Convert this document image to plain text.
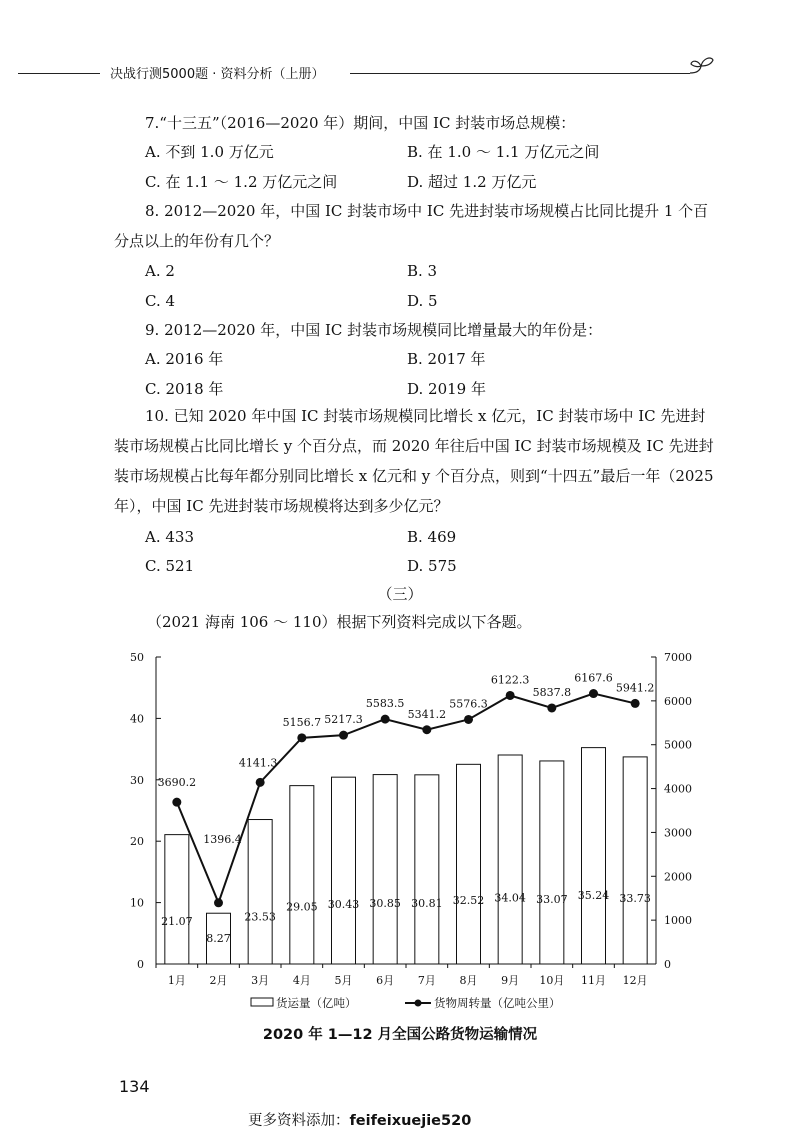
决战行测5000题 · 资料分析（上册）
7.“十三五”（2016—2020 年）期间，中国 IC 封装市场总规模：
A. 不到 1.0 万亿元	B. 在 1.0 ～ 1.1 万亿元之间
C. 在 1.1 ～ 1.2 万亿元之间	D. 超过 1.2 万亿元
8. 2012—2020 年，中国 IC 封装市场中 IC 先进封装市场规模占比同比提升 1 个百分点以上的年份有几个？
A. 2	B. 3
C. 4	D. 5
9. 2012—2020 年，中国 IC 封装市场规模同比增量最大的年份是：
A. 2016 年	B. 2017 年
C. 2018 年	D. 2019 年
10. 已知 2020 年中国 IC 封装市场规模同比增长 x 亿元，IC 封装市场中 IC 先进封装市场规模占比同比增长 y 个百分点，而 2020 年往后中国 IC 封装市场规模及 IC 先进封装市场规模占比每年都分别同比增长 x 亿元和 y 个百分点，则到“十四五”最后一年（2025 年），中国 IC 先进封装市场规模将达到多少亿元？
A. 433	B. 469
C. 521	D. 575
（三）
（2021 海南 106 ～ 110）根据下列资料完成以下各题。
0
10
20
30
40
50
0
1000
2000
3000
4000
5000
6000
7000
1月 2月 3月 4月 5月 6月 7月 8月 9月 10月 11月 12月
21.07
8.27
23.53
29.05 30.43 30.85 30.81 32.52 34.04 33.07 35.24 33.73
3690.2
1396.4
4141.3
5156.7 5217.3
5583.5
5341.2
5576.3
6122.3
5837.8
6167.6
5941.2
货运量（亿吨）	货物周转量（亿吨公里）
2020 年 1—12 月全国公路货物运输情况
134
更多资料添加：feifeixuejie520
